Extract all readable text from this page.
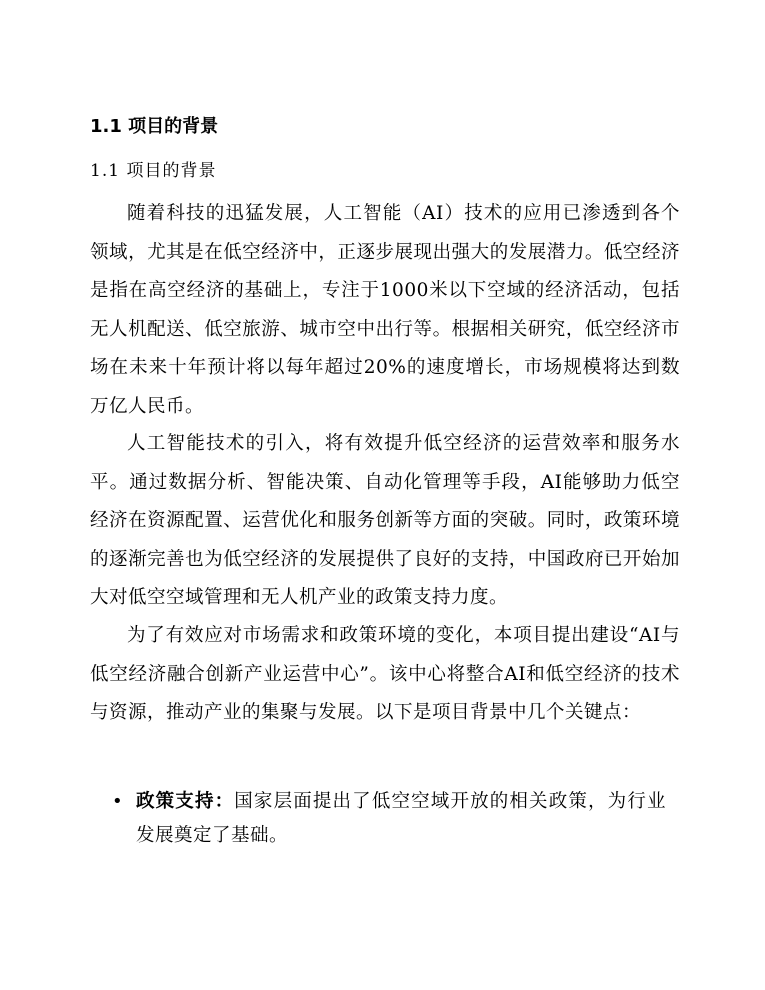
1.1 项目的背景
1.1 项目的背景

随着科技的迅猛发展，人工智能（AI）技术的应用已渗透到各个领域，尤其是在低空经济中，正逐步展现出强大的发展潜力。低空经济是指在高空经济的基础上，专注于1000米以下空域的经济活动，包括无人机配送、低空旅游、城市空中出行等。根据相关研究，低空经济市场在未来十年预计将以每年超过20%的速度增长，市场规模将达到数万亿人民币。

人工智能技术的引入，将有效提升低空经济的运营效率和服务水平。通过数据分析、智能决策、自动化管理等手段，AI能够助力低空经济在资源配置、运营优化和服务创新等方面的突破。同时，政策环境的逐渐完善也为低空经济的发展提供了良好的支持，中国政府已开始加大对低空空域管理和无人机产业的政策支持力度。

为了有效应对市场需求和政策环境的变化，本项目提出建设“AI与低空经济融合创新产业运营中心”。该中心将整合AI和低空经济的技术与资源，推动产业的集聚与发展。以下是项目背景中几个关键点：

• 政策支持：国家层面提出了低空空域开放的相关政策，为行业发展奠定了基础。
